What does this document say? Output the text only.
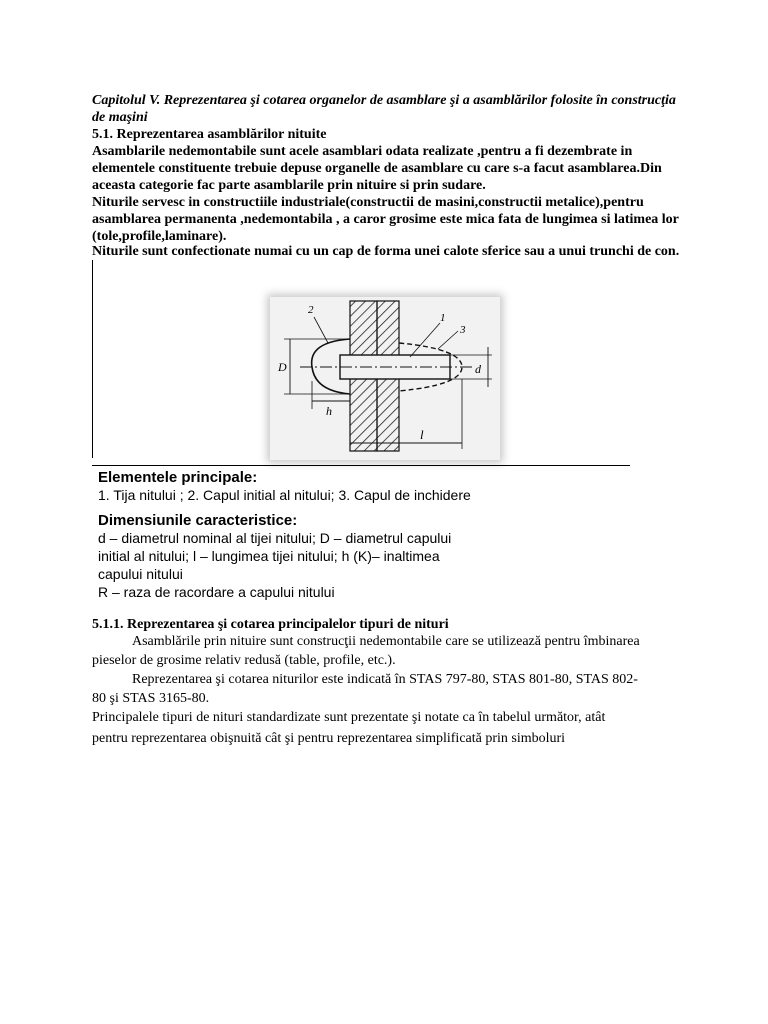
Capitolul V. Reprezentarea şi cotarea organelor de asamblare şi a asamblărilor folosite în construcţia de maşini
5.1. Reprezentarea asamblărilor nituite
Asamblarile nedemontabile sunt acele asamblari odata realizate ,pentru a fi dezembrate in
elementele constituente trebuie depuse organelle de asamblare cu care s-a facut asamblarea.Din
aceasta categorie fac parte asamblarile prin nituire si prin sudare.
Niturile servesc in constructiile industriale(constructii de masini,constructii metalice),pentru
asamblarea permanenta ,nedemontabila , a caror grosime este mica fata de lungimea si latimea lor
(tole,profile,laminare).
Niturile sunt confectionate numai cu un cap de forma unei calote sferice sau a unui trunchi de con.
D	d
h
l
2
1
3
Elementele principale:
1. Tija nitului ; 2. Capul initial al nitului; 3. Capul de inchidere
Dimensiunile caracteristice:
d – diametrul nominal al tijei nitului; D – diametrul capului
initial al nitului; l – lungimea tijei nitului; h (K)– inaltimea
capului nitului
R – raza de racordare a capului nitului
5.1.1. Reprezentarea şi cotarea principalelor tipuri de nituri
Asamblările prin nituire sunt construcţii nedemontabile care se utilizează pentru îmbinarea
pieselor de grosime relativ redusă (table, profile, etc.).
Reprezentarea şi cotarea niturilor este indicată în STAS 797-80, STAS 801-80, STAS 802-
80 şi STAS 3165-80.
Principalele tipuri de nituri standardizate sunt prezentate şi notate ca în tabelul următor, atât
pentru reprezentarea obişnuită cât şi pentru reprezentarea simplificată prin simboluri
